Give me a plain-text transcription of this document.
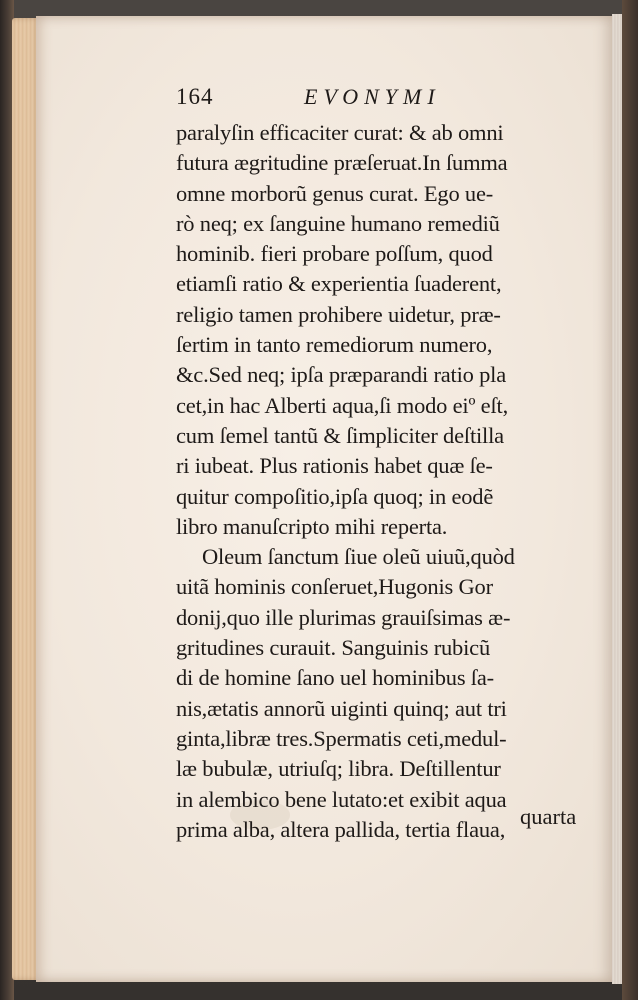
164	EVONYMI
paralyſin efficaciter curat: & ab omni
futura ægritudine præſeruat.In ſumma
omne morborũ genus curat. Ego ue-
rò neq; ex ſanguine humano remediũ
hominib. fieri probare poſſum, quod
etiamſi ratio & experientia ſuaderent,
religio tamen prohibere uidetur, præ-
ſertim in tanto remediorum numero,
&c.Sed neq; ipſa præparandi ratio pla
cet,in hac Alberti aqua,ſi modo eiº eſt,
cum ſemel tantũ & ſimpliciter deſtilla
ri iubeat. Plus rationis habet quæ ſe-
quitur compoſitio,ipſa quoq; in eodẽ
libro manuſcripto mihi reperta.
Oleum ſanctum ſiue oleũ uiuũ,quòd
uitã hominis conſeruet,Hugonis Gor
donij,quo ille plurimas grauiſsimas æ-
gritudines curauit. Sanguinis rubicũ
di de homine ſano uel hominibus ſa-
nis,ætatis annorũ uiginti quinq; aut tri
ginta,libræ tres.Spermatis ceti,medul-
læ bubulæ, utriuſq; libra. Deſtillentur
in alembico bene lutato:et exibit aqua
prima alba, altera pallida, tertia flaua,
quarta
